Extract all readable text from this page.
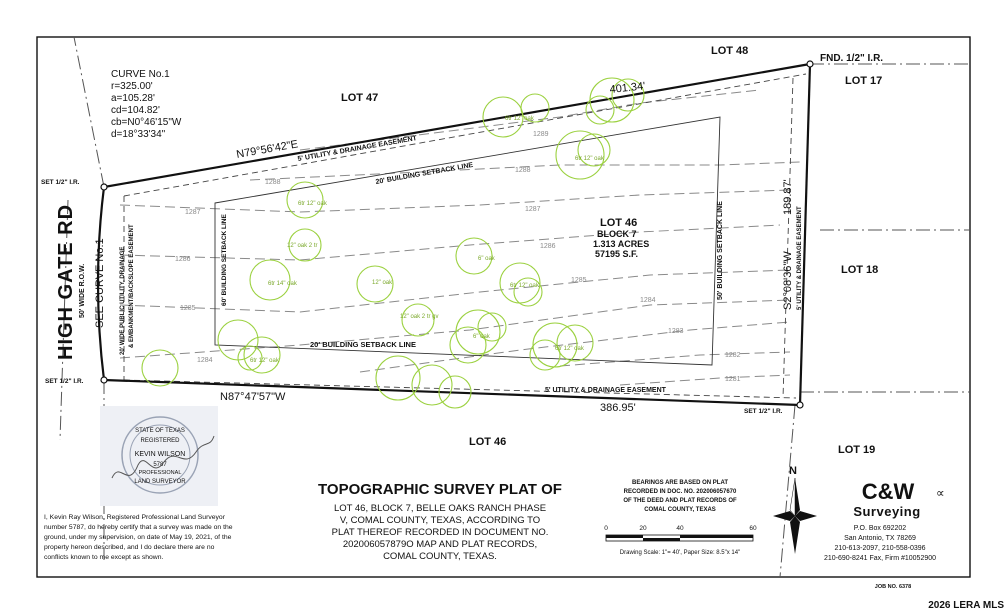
1289
1288
1288
1287	1287
1286
1286
1285
1285
1284
1284
1283
1282
1281
6tr 12" oak
6tr 12" oak
6tr 12" oak
12" oak 2 tr
6tr 14" oak	12" oak
6" oak
12" oak 2 tr gv
6tr 12" oak
6" oak
6tr 12" oak
6tr 12" oak
CURVE No.1
r=325.00'
a=105.28'
cd=104.82'
cb=N0°46'15"W
d=18°33'34"
LOT 48
LOT 47
LOT 17
LOT 18
LOT 46
LOT 19
FND. 1/2" I.R.
SET 1/2" I.R.
SET 1/2" I.R.
SET 1/2" I.R.
HIGH GATE RD 50' WIDE R.O.W. SEE CURVE No.1 20' WIDE PUBLIC UTILITY, DRAINAGE & EMBANKMENT/BACKSLOPE EASEMENT	60' BUILDING SETBACK LINE
N79°56'42"E
401.34'
S2°08'36"W
189.87'
N87°47'57"W
386.95'
5' UTILITY & DRAINAGE EASEMENT
20' BUILDING SETBACK LINE
20' BUILDING SETBACK LINE
5' UTILITY & DRAINAGE EASEMENT
50' BUILDING SETBACK LINE	5' UTILITY & DRAINAGE EASEMENT
LOT 46
BLOCK 7
1.313 ACRES
57195 S.F.
STATE OF TEXAS
REGISTERED
KEVIN WILSON
5787
PROFESSIONAL
LAND SURVEYOR
I, Kevin Ray Wilson, Registered Professional Land Surveyor
number 5787, do hereby certify that a survey was made on the
ground, under my supervision, on date of May 19, 2021, of the
property hereon described, and I do declare there are no
conflicts known to me except as shown.
TOPOGRAPHIC SURVEY PLAT OF
LOT 46, BLOCK 7, BELLE OAKS RANCH PHASE
V, COMAL COUNTY, TEXAS, ACCORDING TO
PLAT THEREOF RECORDED IN DOCUMENT NO.
202006057879O MAP AND PLAT RECORDS,
COMAL COUNTY, TEXAS.
BEARINGS ARE BASED ON PLAT
RECORDED IN DOC. NO. 202006057670
OF THE DEED AND PLAT RECORDS OF
COMAL COUNTY, TEXAS
0	20	40	60
Drawing Scale: 1"= 40', Paper Size: 8.5"x 14"
N
C&W ∝
Surveying
P.O. Box 692202
San Antonio, TX 78269
210-613-2097, 210-558-0396
210-690-8241 Fax, Firm #10052900
JOB NO. 6378
2026 LERA MLS
